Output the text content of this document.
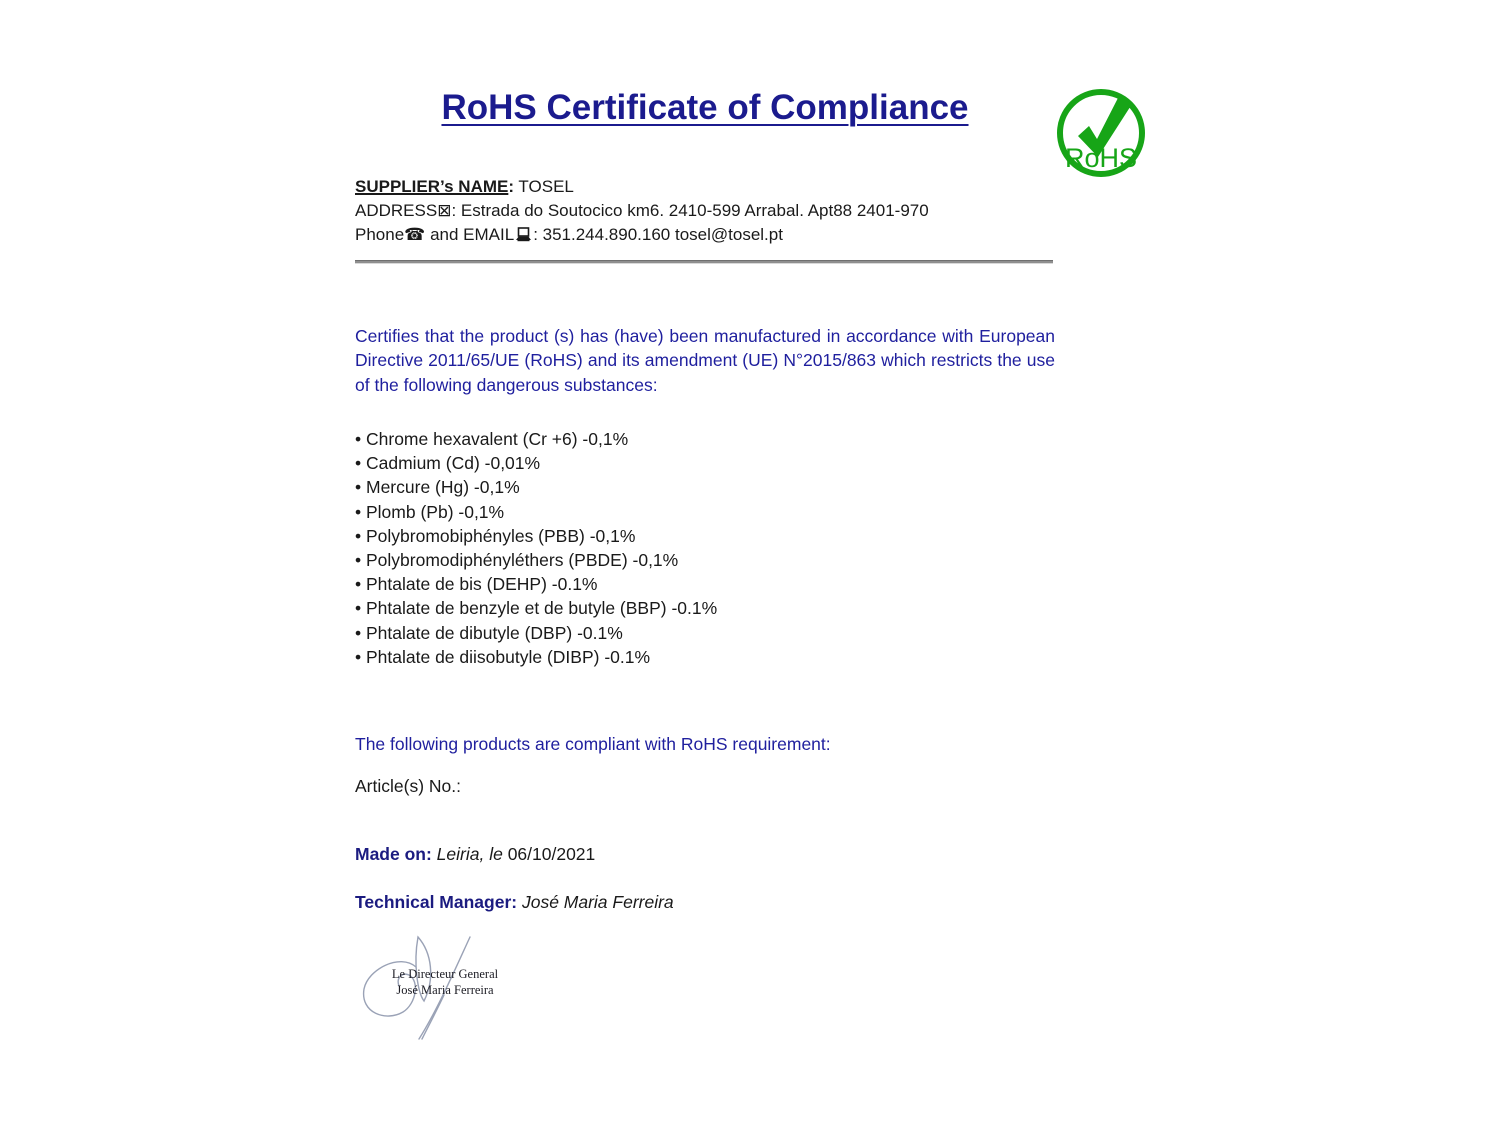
RoHS Certificate of Compliance
RoHS
SUPPLIER’s NAME: TOSEL
ADDRESS⊠: Estrada do Soutocico km6. 2410-599 Arrabal. Apt88 2401-970
Phone☎ and EMAIL : 351.244.890.160 tosel@tosel.pt

Certifies that the product (s) has (have) been manufactured in accordance with European Directive 2011/65/UE (RoHS) and its amendment (UE) N°2015/863 which restricts the use of the following dangerous substances:

• Chrome hexavalent (Cr +6) -0,1%
• Cadmium (Cd) -0,01%
• Mercure (Hg) -0,1%
• Plomb (Pb) -0,1%
• Polybromobiphényles (PBB) -0,1%
• Polybromodiphényléthers (PBDE) -0,1%
• Phtalate de bis (DEHP) -0.1%
• Phtalate de benzyle et de butyle (BBP) -0.1%
• Phtalate de dibutyle (DBP) -0.1%
• Phtalate de diisobutyle (DIBP) -0.1%
The following products are compliant with RoHS requirement:
Article(s) No.:
Made on: Leiria, le 06/10/2021
Technical Manager: José Maria Ferreira
Le Directeur General
José Maria Ferreira
